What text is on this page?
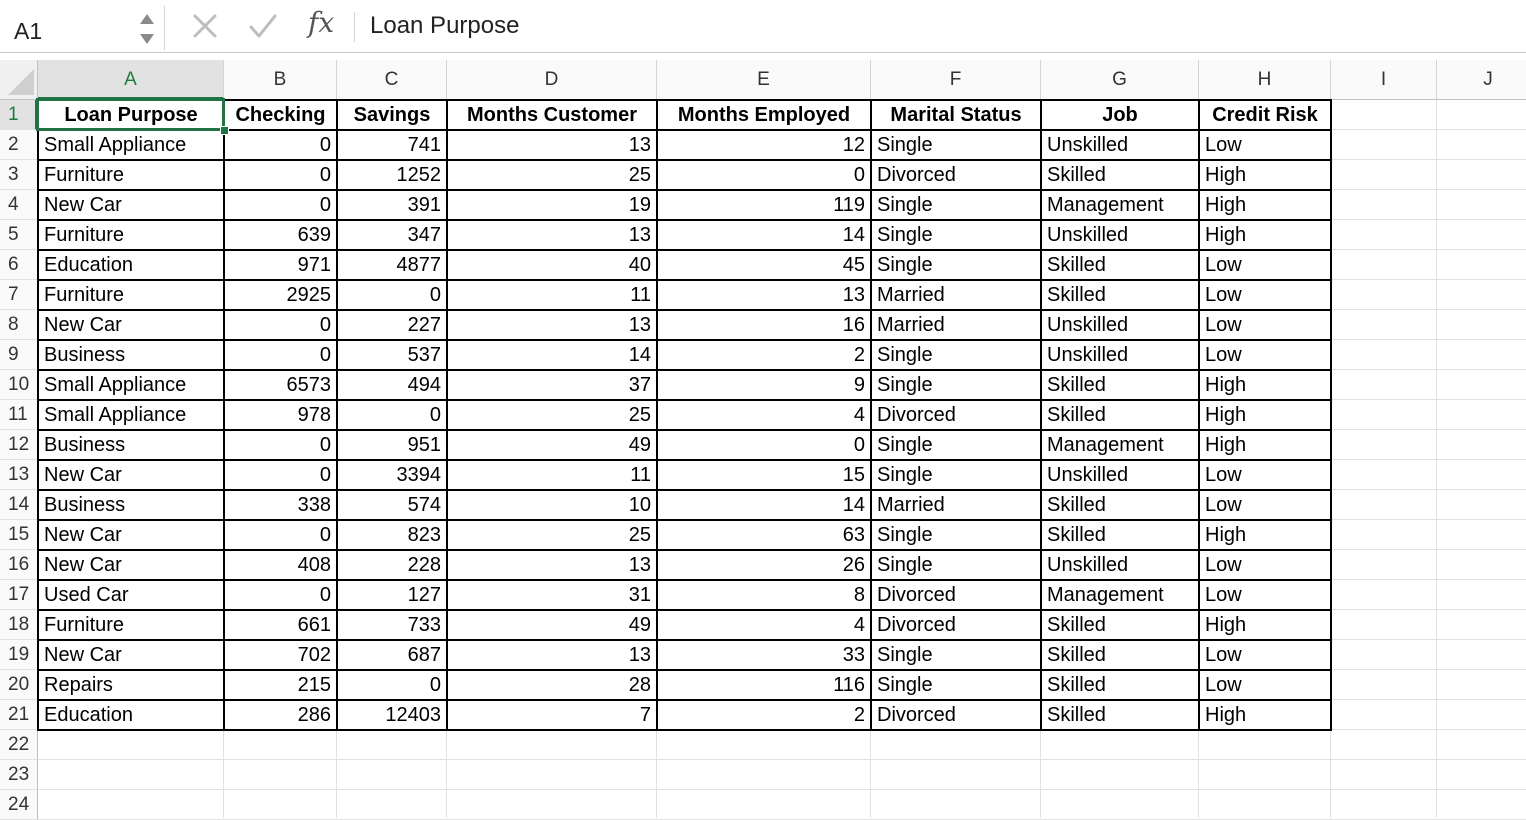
A1	fx Loan Purpose
A	B	C	D	E	F	G	H	I	J
1
2
3
4
5
6
7
8
9
10
11
12
13
14
15
16
17
18
19
20
21
22
23
24
Loan Purpose	Checking	Savings	Months Customer	Months Employed	Marital Status	Job	Credit Risk
Small Appliance	0	741	13	12 Single	Unskilled	Low
Furniture	0	1252	25	0 Divorced	Skilled	High
New Car	0	391	19	119 Single	Management	High
Furniture	639	347	13	14 Single	Unskilled	High
Education	971	4877	40	45 Single	Skilled	Low
Furniture	2925	0	11	13 Married	Skilled	Low
New Car	0	227	13	16 Married	Unskilled	Low
Business	0	537	14	2 Single	Unskilled	Low
Small Appliance	6573	494	37	9 Single	Skilled	High
Small Appliance	978	0	25	4 Divorced	Skilled	High
Business	0	951	49	0 Single	Management	High
New Car	0	3394	11	15 Single	Unskilled	Low
Business	338	574	10	14 Married	Skilled	Low
New Car	0	823	25	63 Single	Skilled	High
New Car	408	228	13	26 Single	Unskilled	Low
Used Car	0	127	31	8 Divorced	Management	Low
Furniture	661	733	49	4 Divorced	Skilled	High
New Car	702	687	13	33 Single	Skilled	Low
Repairs	215	0	28	116 Single	Skilled	Low
Education	286	12403	7	2 Divorced	Skilled	High
